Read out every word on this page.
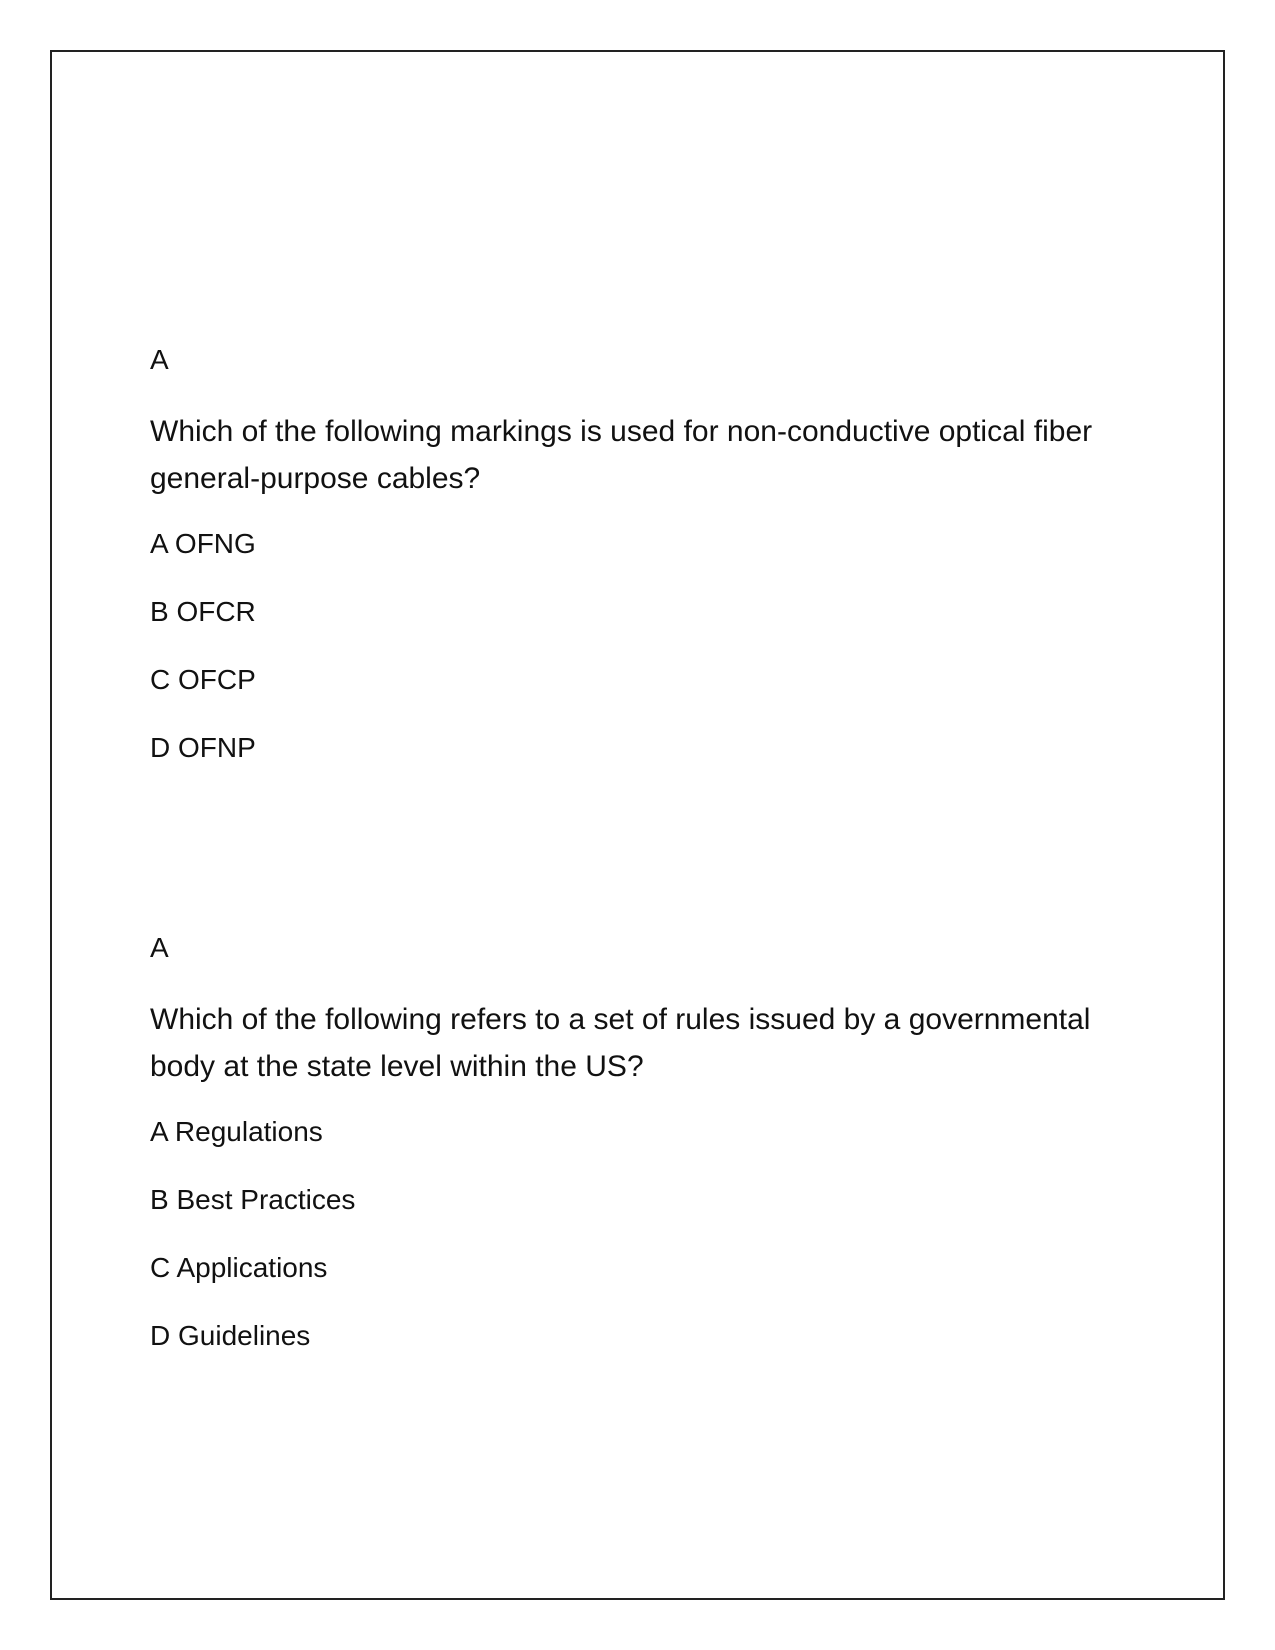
A
Which of the following markings is used for non-conductive optical fiber general-purpose cables?
A OFNG
B OFCR
C OFCP
D OFNP
A
Which of the following refers to a set of rules issued by a governmental body at the state level within the US?
A Regulations
B Best Practices
C Applications
D Guidelines
